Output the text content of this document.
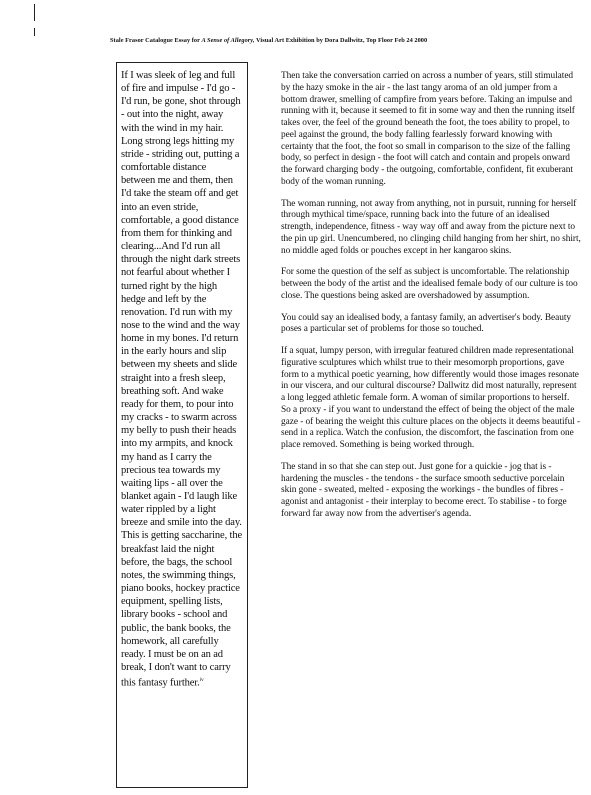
Stale Frasor Catalogue Essay for A Sense of Allegory, Visual Art Exhibition by Dora Dallwitz, Top Floor Feb 24 2000

If I was sleek of leg and full of fire and impulse - I'd go - I'd run, be gone, shot through - out into the night, away with the wind in my hair. Long strong legs hitting my stride - striding out, putting a comfortable distance between me and them, then I'd take the steam off and get into an even stride, comfortable, a good distance from them for thinking and clearing...And I'd run all through the night dark streets not fearful about whether I turned right by the high hedge and left by the renovation. I'd run with my nose to the wind and the way home in my bones. I'd return in the early hours and slip between my sheets and slide straight into a fresh sleep, breathing soft. And wake ready for them, to pour into my cracks - to swarm across my belly to push their heads into my armpits, and knock my hand as I carry the precious tea towards my waiting lips - all over the blanket again - I'd laugh like water rippled by a light breeze and smile into the day. This is getting saccharine, the breakfast laid the night before, the bags, the school notes, the swimming things, piano books, hockey practice equipment, spelling lists, library books - school and public, the bank books, the homework, all carefully ready. I must be on an ad break, I don't want to carry this fantasy further.$^{iv}$

Then take the conversation carried on across a number of years, still stimulated by the hazy smoke in the air - the last tangy aroma of an old jumper from a bottom drawer, smelling of campfire from years before. Taking an impulse and running with it, because it seemed to fit in some way and then the running itself takes over, the feel of the ground beneath the foot, the toes ability to propel, to peel against the ground, the body falling fearlessly forward knowing with certainty that the foot, the foot so small in comparison to the size of the falling body, so perfect in design - the foot will catch and contain and propels onward the forward charging body - the outgoing, comfortable, confident, fit exuberant body of the woman running.

The woman running, not away from anything, not in pursuit, running for herself through mythical time/space, running back into the future of an idealised strength, independence, fitness - way way off and away from the picture next to the pin up girl. Unencumbered, no clinging child hanging from her shirt, no shirt, no middle aged folds or pouches except in her kangaroo skins.

For some the question of the self as subject is uncomfortable. The relationship between the body of the artist and the idealised female body of our culture is too close. The questions being asked are overshadowed by assumption.

You could say an idealised body, a fantasy family, an advertiser's body. Beauty poses a particular set of problems for those so touched.

If a squat, lumpy person, with irregular featured children made representational figurative sculptures which whilst true to their mesomorph proportions, gave form to a mythical poetic yearning, how differently would those images resonate in our viscera, and our cultural discourse? Dallwitz did most naturally, represent a long legged athletic female form. A woman of similar proportions to herself. So a proxy - if you want to understand the effect of being the object of the male gaze - of bearing the weight this culture places on the objects it deems beautiful - send in a replica. Watch the confusion, the discomfort, the fascination from one place removed. Something is being worked through.

The stand in so that she can step out. Just gone for a quickie - jog that is - hardening the muscles - the tendons - the surface smooth seductive porcelain skin gone - sweated, melted - exposing the workings - the bundles of fibres - agonist and antagonist - their interplay to become erect. To stabilise - to forge forward far away now from the advertiser's agenda.
